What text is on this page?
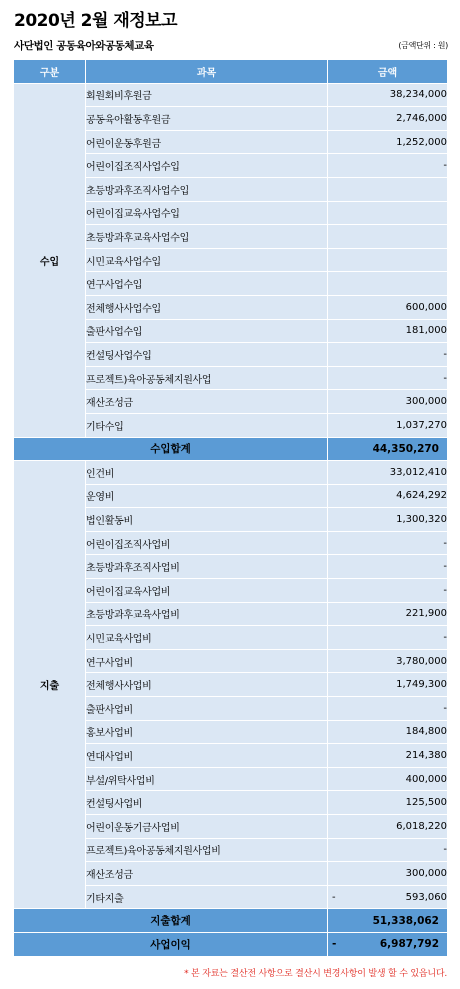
2020년 2월 재정보고
사단법인 공동육아와공동체교육	(금액단위 : 원)
구분	과목	금액
수입	회원회비후원금	38,234,000
	공동육아활동후원금	2,746,000
	어린이운동후원금	1,252,000
	어린이집조직사업수입	-
	초등방과후조직사업수입	
	어린이집교육사업수입	
	초등방과후교육사업수입	
	시민교육사업수입	
	연구사업수입	
	전체행사사업수입	600,000
	출판사업수입	181,000
	컨설팅사업수입	-
	프로젝트)육아공동체지원사업	-
	재산조성금	300,000
	기타수입	1,037,270
수입합계		44,350,270
지출	인건비	33,012,410
	운영비	4,624,292
	법인활동비	1,300,320
	어린이집조직사업비	-
	초등방과후조직사업비	-
	어린이집교육사업비	-
	초등방과후교육사업비	221,900
	시민교육사업비	-
	연구사업비	3,780,000
	전체행사사업비	1,749,300
	출판사업비	-
	홍보사업비	184,800
	연대사업비	214,380
	부설/위탁사업비	400,000
	컨설팅사업비	125,500
	어린이운동기금사업비	6,018,220
	프로젝트)육아공동체지원사업비	-
	재산조성금	300,000
	기타지출	- 593,060
지출합계		51,338,062
사업이익		- 6,987,792
* 본 자료는 결산전 사항으로 결산시 변경사항이 발생 할 수 있읍니다.
